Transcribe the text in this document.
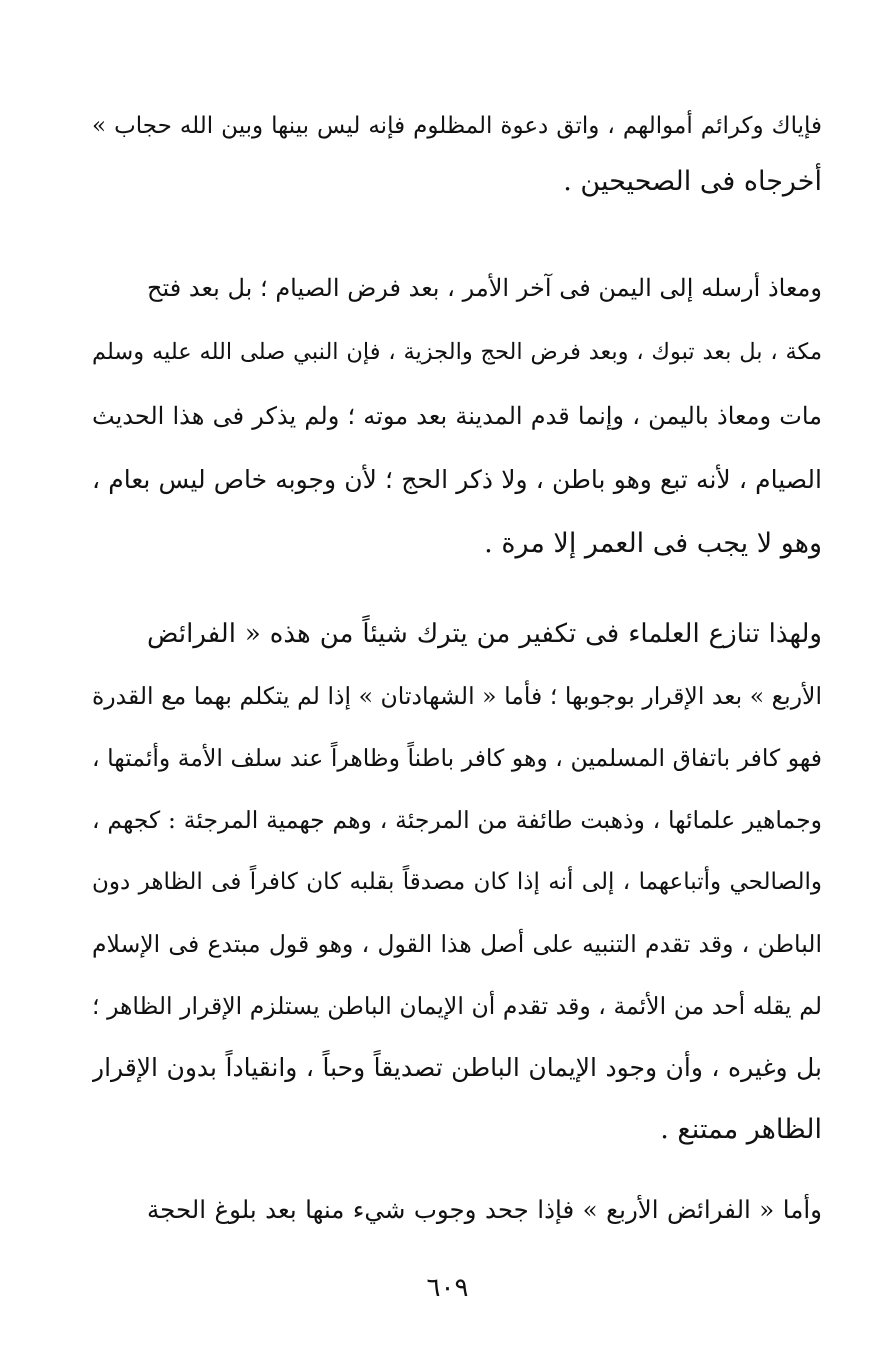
فإياك وكرائم أموالهم ، واتق دعوة المظلوم فإنه ليس بينها وبين الله حجاب »
أخرجاه فى الصحيحين .
ومعاذ أرسله إلى اليمن فى آخر الأمر ، بعد فرض الصيام ؛ بل بعد فتح
مكة ، بل بعد تبوك ، وبعد فرض الحج والجزية ، فإن النبي صلى الله عليه وسلم
مات ومعاذ باليمن ، وإنما قدم المدينة بعد موته ؛ ولم يذكر فى هذا الحديث
الصيام ، لأنه تبع وهو باطن ، ولا ذكر الحج ؛ لأن وجوبه خاص ليس بعام ،
وهو لا يجب فى العمر إلا مرة .
ولهذا تنازع العلماء فى تكفير من يترك شيئاً من هذه « الفرائض
الأربع » بعد الإقرار بوجوبها ؛ فأما « الشهادتان » إذا لم يتكلم بهما مع القدرة
فهو كافر باتفاق المسلمين ، وهو كافر باطناً وظاهراً عند سلف الأمة وأئمتها ،
وجماهير علمائها ، وذهبت طائفة من المرجئة ، وهم جهمية المرجئة : كجهم ،
والصالحي وأتباعهما ، إلى أنه إذا كان مصدقاً بقلبه كان كافراً فى الظاهر دون
الباطن ، وقد تقدم التنبيه على أصل هذا القول ، وهو قول مبتدع فى الإسلام
لم يقله أحد من الأئمة ، وقد تقدم أن الإيمان الباطن يستلزم الإقرار الظاهر ؛
بل وغيره ، وأن وجود الإيمان الباطن تصديقاً وحباً ، وانقياداً بدون الإقرار
الظاهر ممتنع .
وأما « الفرائض الأربع » فإذا جحد وجوب شيء منها بعد بلوغ الحجة
٦٠٩
